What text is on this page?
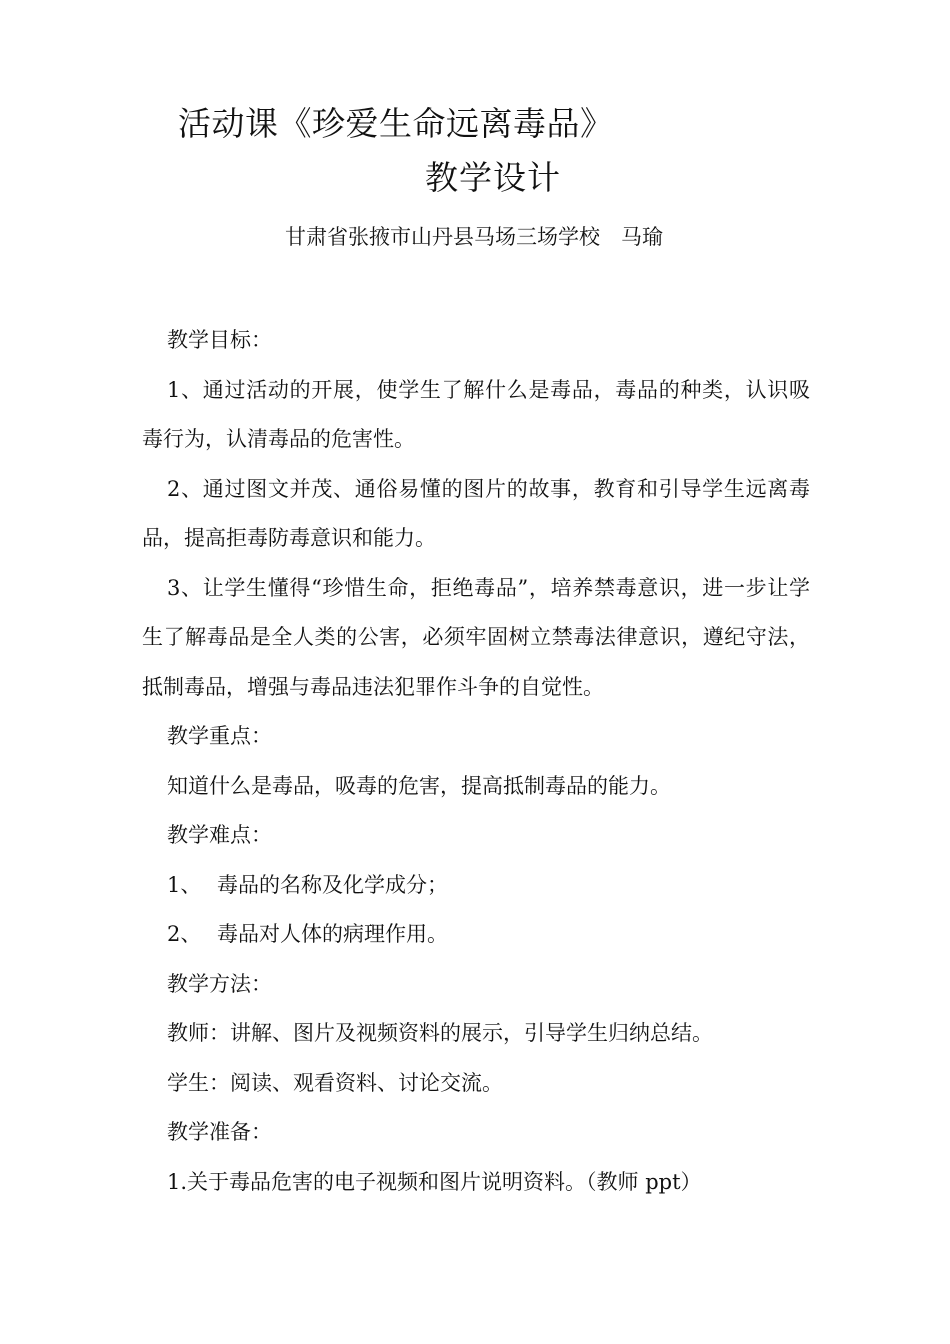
活动课《珍爱生命远离毒品》
教学设计
甘肃省张掖市山丹县马场三场学校　马瑜

教学目标：

1、通过活动的开展，使学生了解什么是毒品，毒品的种类，认识吸毒行为，认清毒品的危害性。

2、通过图文并茂、通俗易懂的图片的故事，教育和引导学生远离毒品，提高拒毒防毒意识和能力。

3、让学生懂得“珍惜生命，拒绝毒品”，培养禁毒意识，进一步让学生了解毒品是全人类的公害，必须牢固树立禁毒法律意识，遵纪守法，抵制毒品，增强与毒品违法犯罪作斗争的自觉性。

教学重点：

知道什么是毒品，吸毒的危害，提高抵制毒品的能力。

教学难点：

1、 毒品的名称及化学成分；

2、 毒品对人体的病理作用。

教学方法：

教师：讲解、图片及视频资料的展示，引导学生归纳总结。

学生：阅读、观看资料、讨论交流。

教学准备：

1.关于毒品危害的电子视频和图片说明资料。（教师 ppt）
